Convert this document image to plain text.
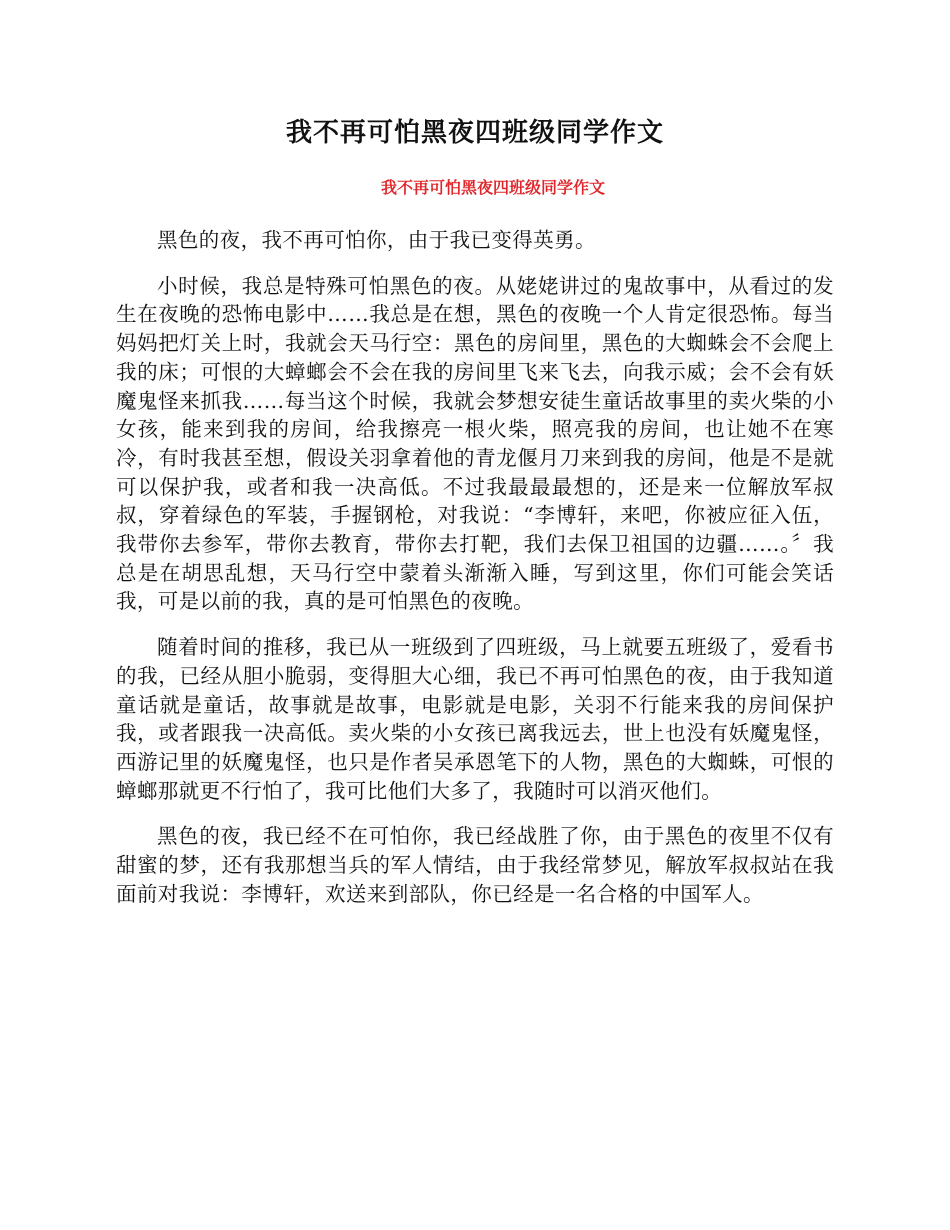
我不再可怕黑夜四班级同学作文
我不再可怕黑夜四班级同学作文

黑色的夜，我不再可怕你，由于我已变得英勇。

小时候，我总是特殊可怕黑色的夜。从姥姥讲过的鬼故事中，从看过的发生在夜晚的恐怖电影中……我总是在想，黑色的夜晚一个人肯定很恐怖。每当妈妈把灯关上时，我就会天马行空：黑色的房间里，黑色的大蜘蛛会不会爬上我的床；可恨的大蟑螂会不会在我的房间里飞来飞去，向我示威；会不会有妖魔鬼怪来抓我……每当这个时候，我就会梦想安徒生童话故事里的卖火柴的小女孩，能来到我的房间，给我擦亮一根火柴，照亮我的房间，也让她不在寒冷，有时我甚至想，假设关羽拿着他的青龙偃月刀来到我的房间，他是不是就可以保护我，或者和我一决高低。不过我最最最想的，还是来一位解放军叔叔，穿着绿色的军装，手握钢枪，对我说：“李博轩，来吧，你被应征入伍，我带你去参军，带你去教育，带你去打靶，我们去保卫祖国的边疆……。〞我总是在胡思乱想，天马行空中蒙着头渐渐入睡，写到这里，你们可能会笑话我，可是以前的我，真的是可怕黑色的夜晚。

随着时间的推移，我已从一班级到了四班级，马上就要五班级了，爱看书的我，已经从胆小脆弱，变得胆大心细，我已不再可怕黑色的夜，由于我知道童话就是童话，故事就是故事，电影就是电影，关羽不行能来我的房间保护我，或者跟我一决高低。卖火柴的小女孩已离我远去，世上也没有妖魔鬼怪，西游记里的妖魔鬼怪，也只是作者吴承恩笔下的人物，黑色的大蜘蛛，可恨的蟑螂那就更不行怕了，我可比他们大多了，我随时可以消灭他们。

黑色的夜，我已经不在可怕你，我已经战胜了你，由于黑色的夜里不仅有甜蜜的梦，还有我那想当兵的军人情结，由于我经常梦见，解放军叔叔站在我面前对我说：李博轩，欢送来到部队，你已经是一名合格的中国军人。
